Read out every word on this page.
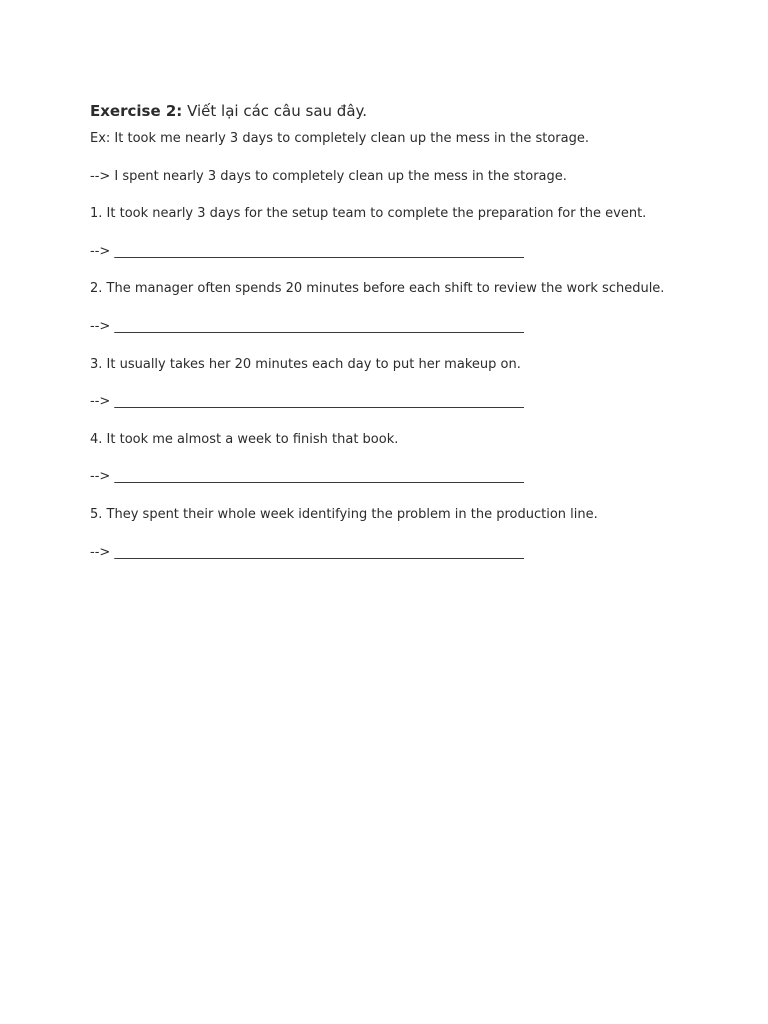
Exercise 2: Viết lại các câu sau đây.
Ex: It took me nearly 3 days to completely clean up the mess in the storage.
--> I spent nearly 3 days to completely clean up the mess in the storage.
1. It took nearly 3 days for the setup team to complete the preparation for the event.
--> _______________________________________________________________
2. The manager often spends 20 minutes before each shift to review the work schedule.
--> _______________________________________________________________
3. It usually takes her 20 minutes each day to put her makeup on.
--> _______________________________________________________________
4. It took me almost a week to finish that book.
--> _______________________________________________________________
5. They spent their whole week identifying the problem in the production line.
--> _______________________________________________________________
